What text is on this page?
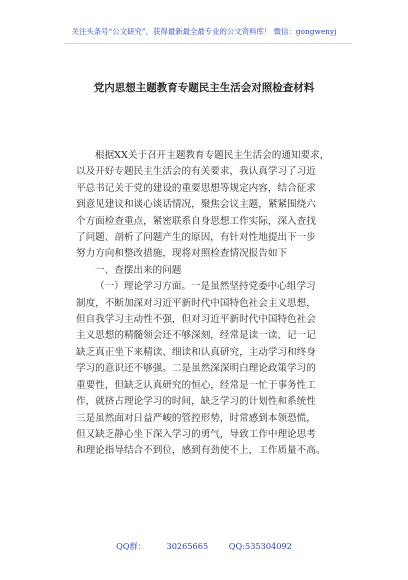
关注头条号“公文研究”，获得最新最全最专业的公文资料库！ 微信：gongwenyj
党内思想主题教育专题民主生活会对照检查材料
根据XX关于召开主题教育专题民主生活会的通知要求，
以及开好专题民主生活会的有关要求，我认真学习了习近
平总书记关于党的建设的重要思想等规定内容，结合征求
到意见建议和谈心谈话情况，聚焦会议主题，紧紧围绕六
个方面检查重点，紧密联系自身思想工作实际，深入查找
了问题、剖析了问题产生的原因，有针对性地提出下一步
努力方向和整改措施，现将对照检查情况报告如下
一、查摆出来的问题
（一）理论学习方面。一是虽然坚持党委中心组学习
制度，不断加深对习近平新时代中国特色社会主义思想，
但自我学习主动性不强，但对习近平新时代中国特色社会
主义思想的精髓领会还不够深刻，经常是读一读、记一记
缺乏真正坐下来精读、细读和认真研究，主动学习和终身
学习的意识还不够强。二是虽然深深明白理论政策学习的
重要性，但缺乏认真研究的恒心，经常是一忙于事务性工
作，就挤占理论学习的时间，缺乏学习的计划性和系统性
三是虽然面对日益严峻的管控形势，时常感到本领恐慌，
但又缺乏静心坐下深入学习的勇气，导致工作中理论思考
和理论指导结合不到位，感到有劲使不上，工作质量不高。
QQ群： 30265665	QQ:535304092
